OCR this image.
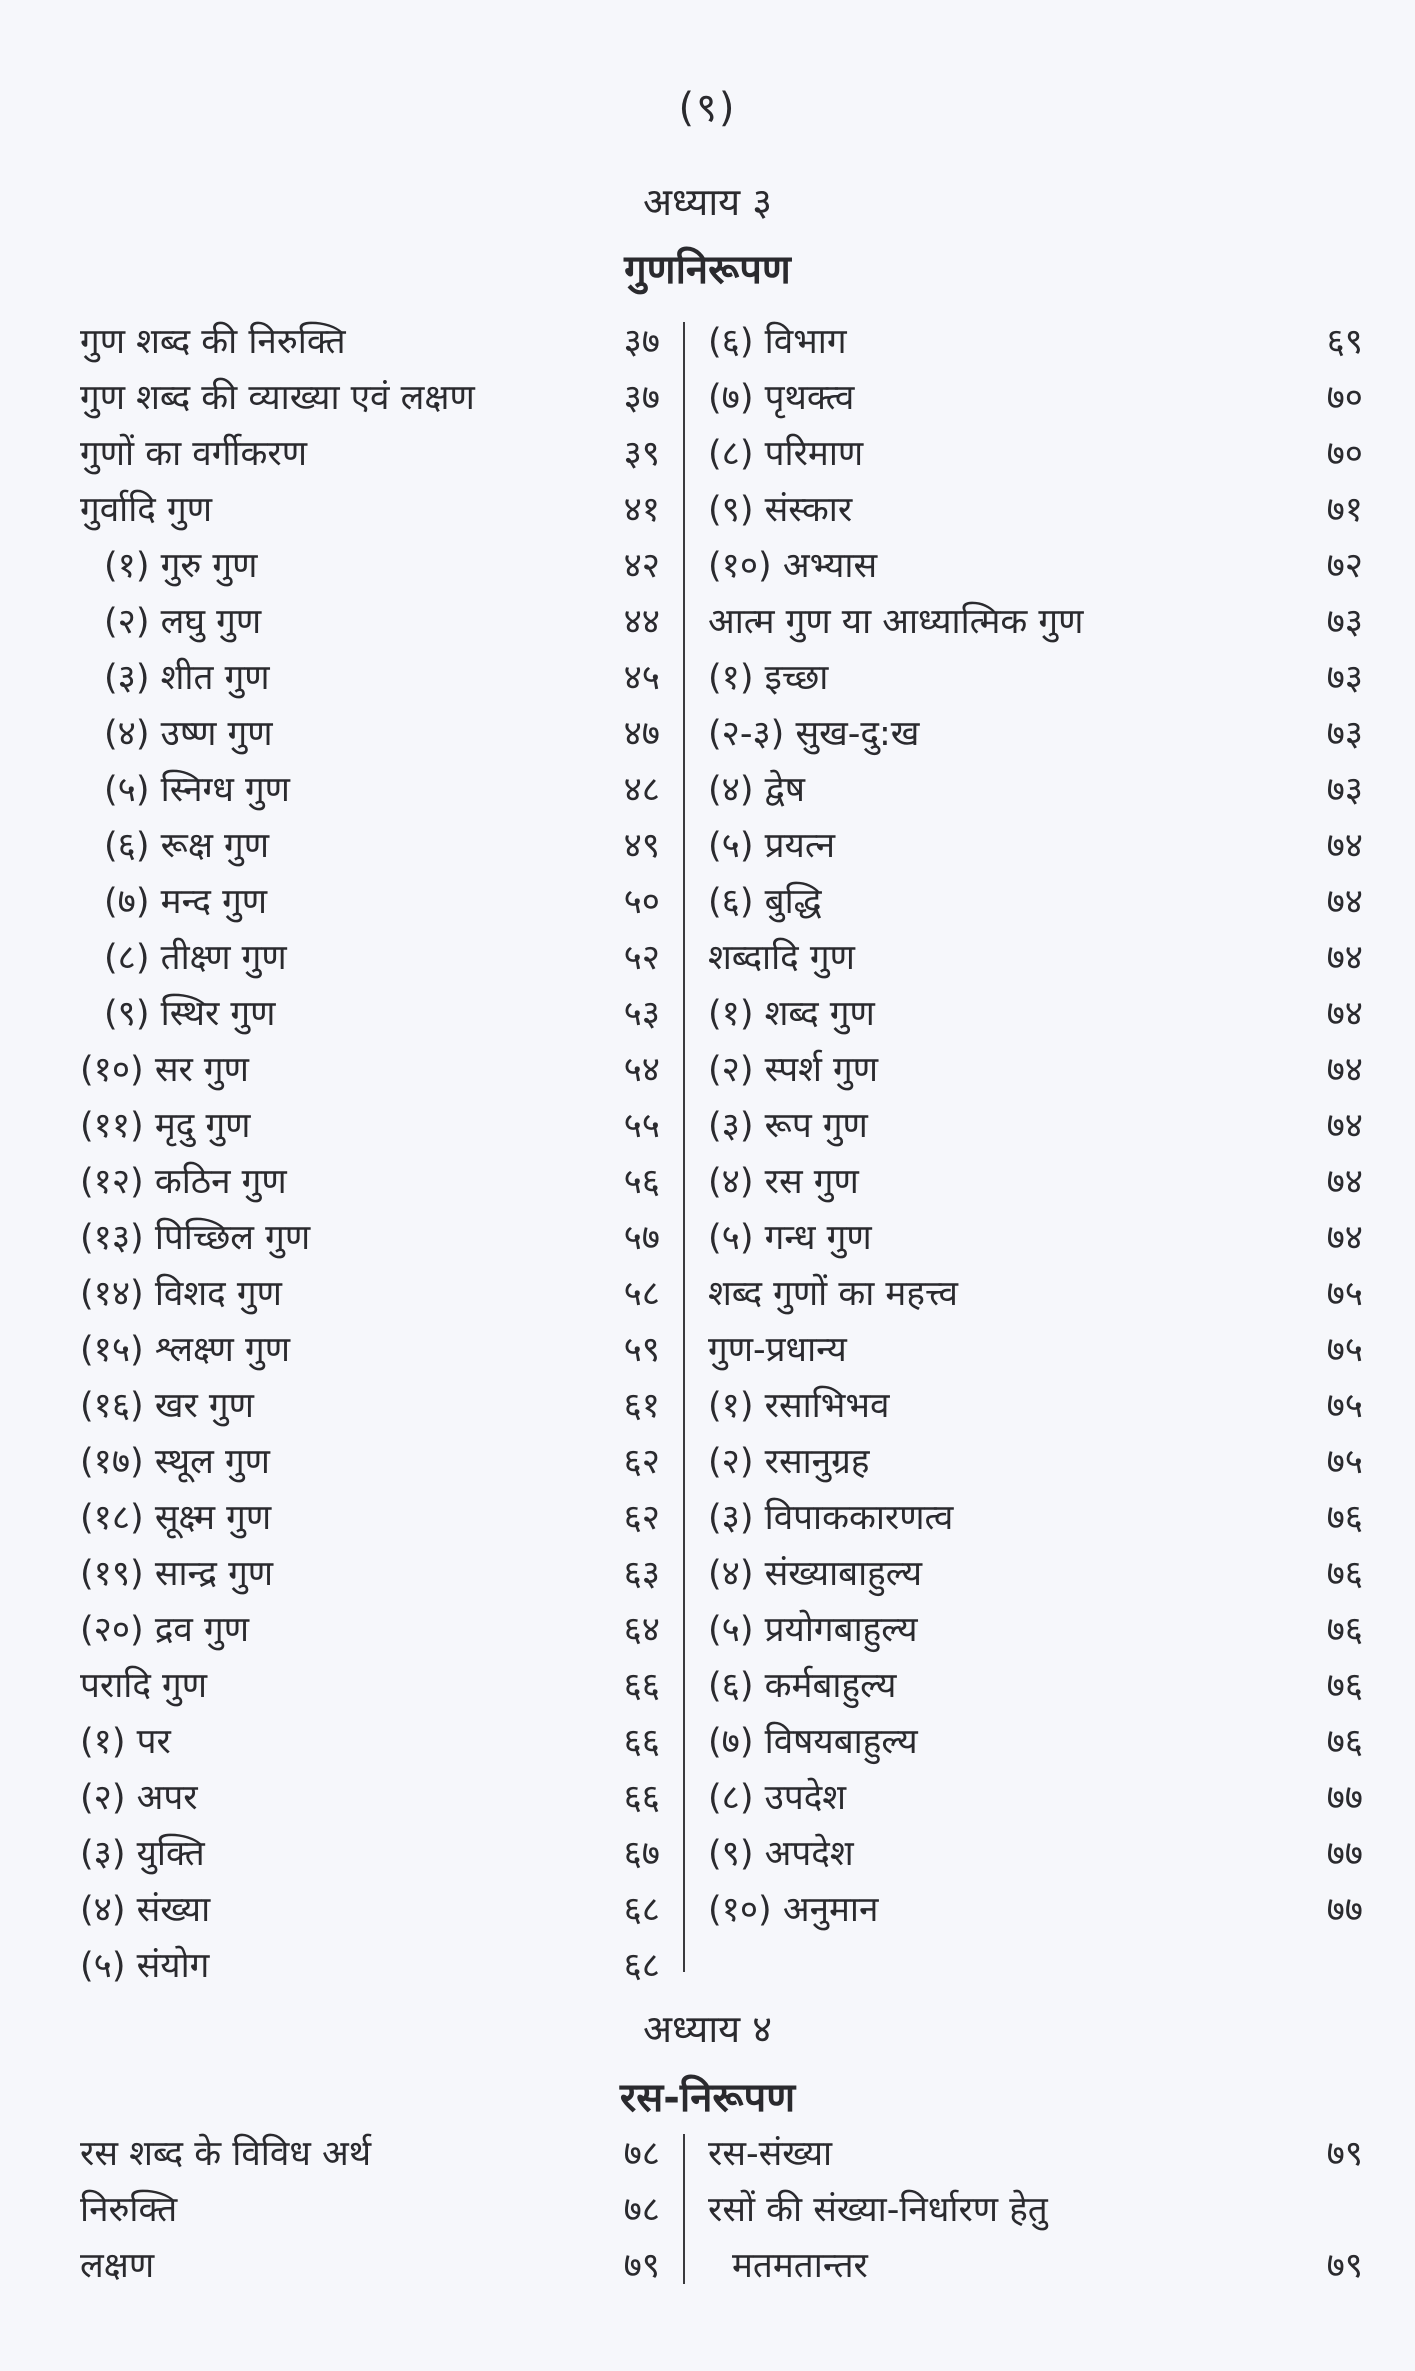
(९)
अध्याय ३
गुणनिरूपण
गुण शब्द की निरुक्ति	३७
गुण शब्द की व्याख्या एवं लक्षण	३७
गुणों का वर्गीकरण	३९
गुर्वादि गुण	४१
(१) गुरु गुण	४२
(२) लघु गुण	४४
(३) शीत गुण	४५
(४) उष्ण गुण	४७
(५) स्निग्ध गुण	४८
(६) रूक्ष गुण	४९
(७) मन्द गुण	५०
(८) तीक्ष्ण गुण	५२
(९) स्थिर गुण	५३
(१०) सर गुण	५४
(११) मृदु गुण	५५
(१२) कठिन गुण	५६
(१३) पिच्छिल गुण	५७
(१४) विशद गुण	५८
(१५) श्लक्ष्ण गुण	५९
(१६) खर गुण	६१
(१७) स्थूल गुण	६२
(१८) सूक्ष्म गुण	६२
(१९) सान्द्र गुण	६३
(२०) द्रव गुण	६४
परादि गुण	६६
(१) पर	६६
(२) अपर	६६
(३) युक्ति	६७
(४) संख्या	६८
(५) संयोग	६८
(६) विभाग	६९
(७) पृथक्त्व	७०
(८) परिमाण	७०
(९) संस्कार	७१
(१०) अभ्यास	७२
आत्म गुण या आध्यात्मिक गुण	७३
(१) इच्छा	७३
(२-३) सुख-दु:ख	७३
(४) द्वेष	७३
(५) प्रयत्न	७४
(६) बुद्धि	७४
शब्दादि गुण	७४
(१) शब्द गुण	७४
(२) स्पर्श गुण	७४
(३) रूप गुण	७४
(४) रस गुण	७४
(५) गन्ध गुण	७४
शब्द गुणों का महत्त्व	७५
गुण-प्रधान्य	७५
(१) रसाभिभव	७५
(२) रसानुग्रह	७५
(३) विपाककारणत्व	७६
(४) संख्याबाहुल्य	७६
(५) प्रयोगबाहुल्य	७६
(६) कर्मबाहुल्य	७६
(७) विषयबाहुल्य	७६
(८) उपदेश	७७
(९) अपदेश	७७
(१०) अनुमान	७७
अध्याय ४
रस-निरूपण
रस शब्द के विविध अर्थ	७८
निरुक्ति	७८
लक्षण	७९
रस-संख्या	७९
रसों की संख्या-निर्धारण हेतु
मतमतान्तर	७९
